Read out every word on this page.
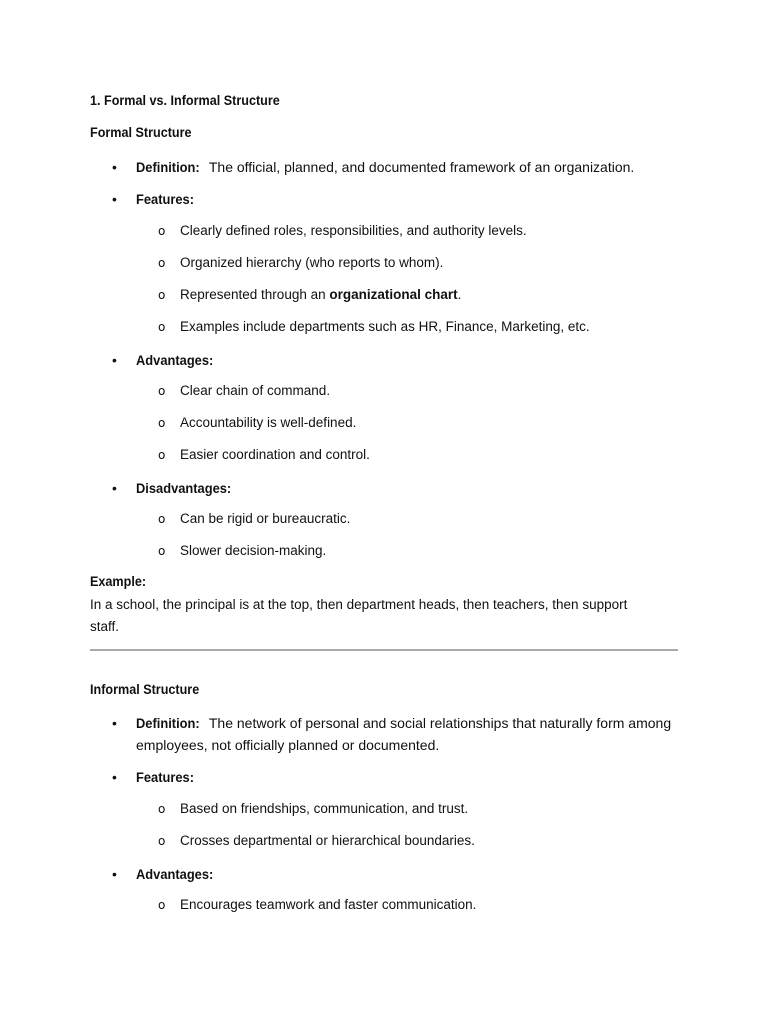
1. Formal vs. Informal Structure
Formal Structure
• Definition: The official, planned, and documented framework of an organization.
• Features:
o Clearly defined roles, responsibilities, and authority levels.
o Organized hierarchy (who reports to whom).
o Represented through an organizational chart.
o Examples include departments such as HR, Finance, Marketing, etc.
• Advantages:
o Clear chain of command.
o Accountability is well-defined.
o Easier coordination and control.
• Disadvantages:
o Can be rigid or bureaucratic.
o Slower decision-making.
Example:
In a school, the principal is at the top, then department heads, then teachers, then support staff.
Informal Structure
• Definition: The network of personal and social relationships that naturally form among employees, not officially planned or documented.
• Features:
o Based on friendships, communication, and trust.
o Crosses departmental or hierarchical boundaries.
• Advantages:
o Encourages teamwork and faster communication.
